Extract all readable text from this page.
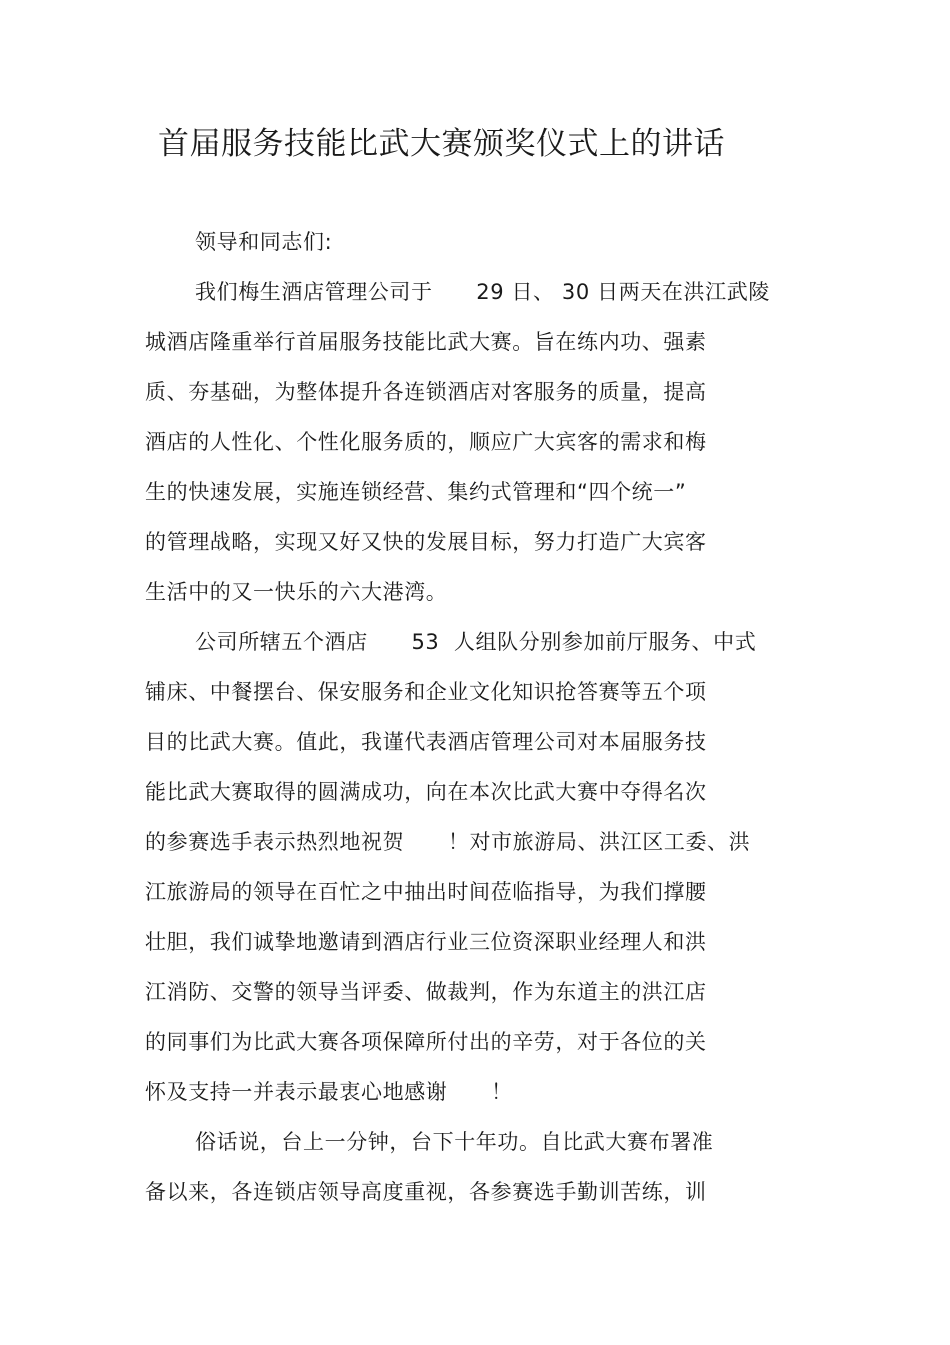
首届服务技能比武大赛颁奖仪式上的讲话
领导和同志们:
我们梅生酒店管理公司于      29 日、 30 日两天在洪江武陵
城酒店隆重举行首届服务技能比武大赛。旨在练内功、强素
质、夯基础，为整体提升各连锁酒店对客服务的质量，提高
酒店的人性化、个性化服务质的，顺应广大宾客的需求和梅
生的快速发展，实施连锁经营、集约式管理和“四个统一”
的管理战略，实现又好又快的发展目标，努力打造广大宾客
生活中的又一快乐的六大港湾。
公司所辖五个酒店      53  人组队分别参加前厅服务、中式
铺床、中餐摆台、保安服务和企业文化知识抢答赛等五个项
目的比武大赛。值此，我谨代表酒店管理公司对本届服务技
能比武大赛取得的圆满成功，向在本次比武大赛中夺得名次
的参赛选手表示热烈地祝贺      ！对市旅游局、洪江区工委、洪
江旅游局的领导在百忙之中抽出时间莅临指导，为我们撑腰
壮胆，我们诚挚地邀请到酒店行业三位资深职业经理人和洪
江消防、交警的领导当评委、做裁判，作为东道主的洪江店
的同事们为比武大赛各项保障所付出的辛劳，对于各位的关
怀及支持一并表示最衷心地感谢      ！
俗话说，台上一分钟，台下十年功。自比武大赛布署准
备以来，各连锁店领导高度重视，各参赛选手勤训苦练，训
